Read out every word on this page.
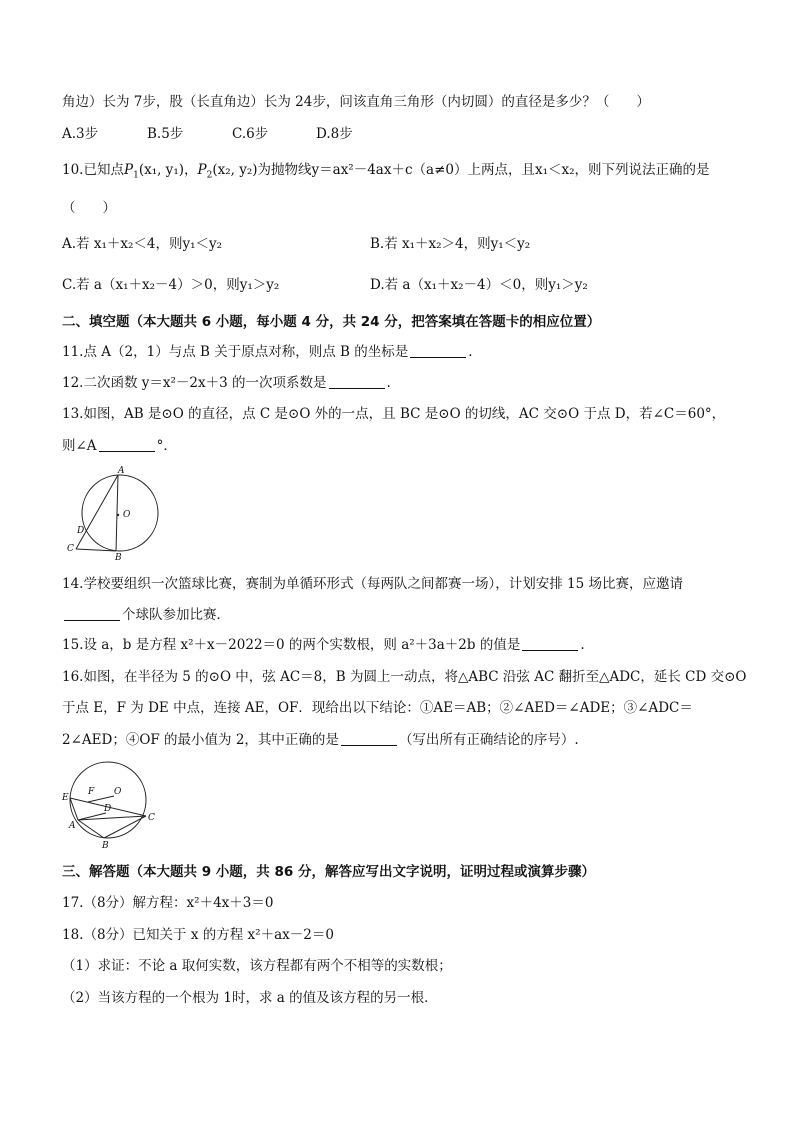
角边）长为 7步，股（长直角边）长为 24步，问该直角三角形（内切圆）的直径是多少？（　　）
A.3步	B.5步	C.6步	D.8步
10.已知点$P_1(x_1$, y₁)，$P_2(x_2$, y₂)为抛物线y＝ax²－4ax＋c（a≠0）上两点，且x₁＜x₂，则下列说法正确的是
（　　）
A.若 x₁＋x₂＜4，则y₁＜y₂	B.若 x₁＋x₂＞4，则y₁＜y₂
C.若 a（x₁＋x₂－4）＞0，则y₁＞y₂	D.若 a（x₁＋x₂－4）＜0，则y₁＞y₂
二、填空题（本大题共 6 小题，每小题 4 分，共 24 分，把答案填在答题卡的相应位置）
11.点 A（2，1）与点 B 关于原点对称，则点 B 的坐标是	.
12.二次函数 y＝x²－2x＋3 的一次项系数是	.
13.如图，AB 是⊙O 的直径，点 C 是⊙O 外的一点，且 BC 是⊙O 的切线，AC 交⊙O 于点 D，若∠C＝60°，
则∠A	°．
A
O
D
C
B
14.学校要组织一次篮球比赛，赛制为单循环形式（每两队之间都赛一场），计划安排 15 场比赛，应邀请
个球队参加比赛．
15.设 a，b 是方程 x²＋x－2022＝0 的两个实数根，则 a²＋3a＋2b 的值是	.
16.如图，在半径为 5 的⊙O 中，弦 AC＝8，B 为圆上一动点，将△ABC 沿弦 AC 翻折至△ADC，延长 CD 交⊙O
于点 E，F 为 DE 中点，连接 AE，OF．现给出以下结论：①AE＝AB；②∠AED＝∠ADE；③∠ADC＝
2∠AED；④OF 的最小值为 2，其中正确的是	（写出所有正确结论的序号）.
E
F O
D
A
C
B
三、解答题（本大题共 9 小题，共 86 分，解答应写出文字说明，证明过程或演算步骤）
17.（8分）解方程：x²＋4x＋3＝0
18.（8分）已知关于 x 的方程 x²＋ax－2＝0
（1）求证：不论 a 取何实数，该方程都有两个不相等的实数根；
（2）当该方程的一个根为 1时，求 a 的值及该方程的另一根．
